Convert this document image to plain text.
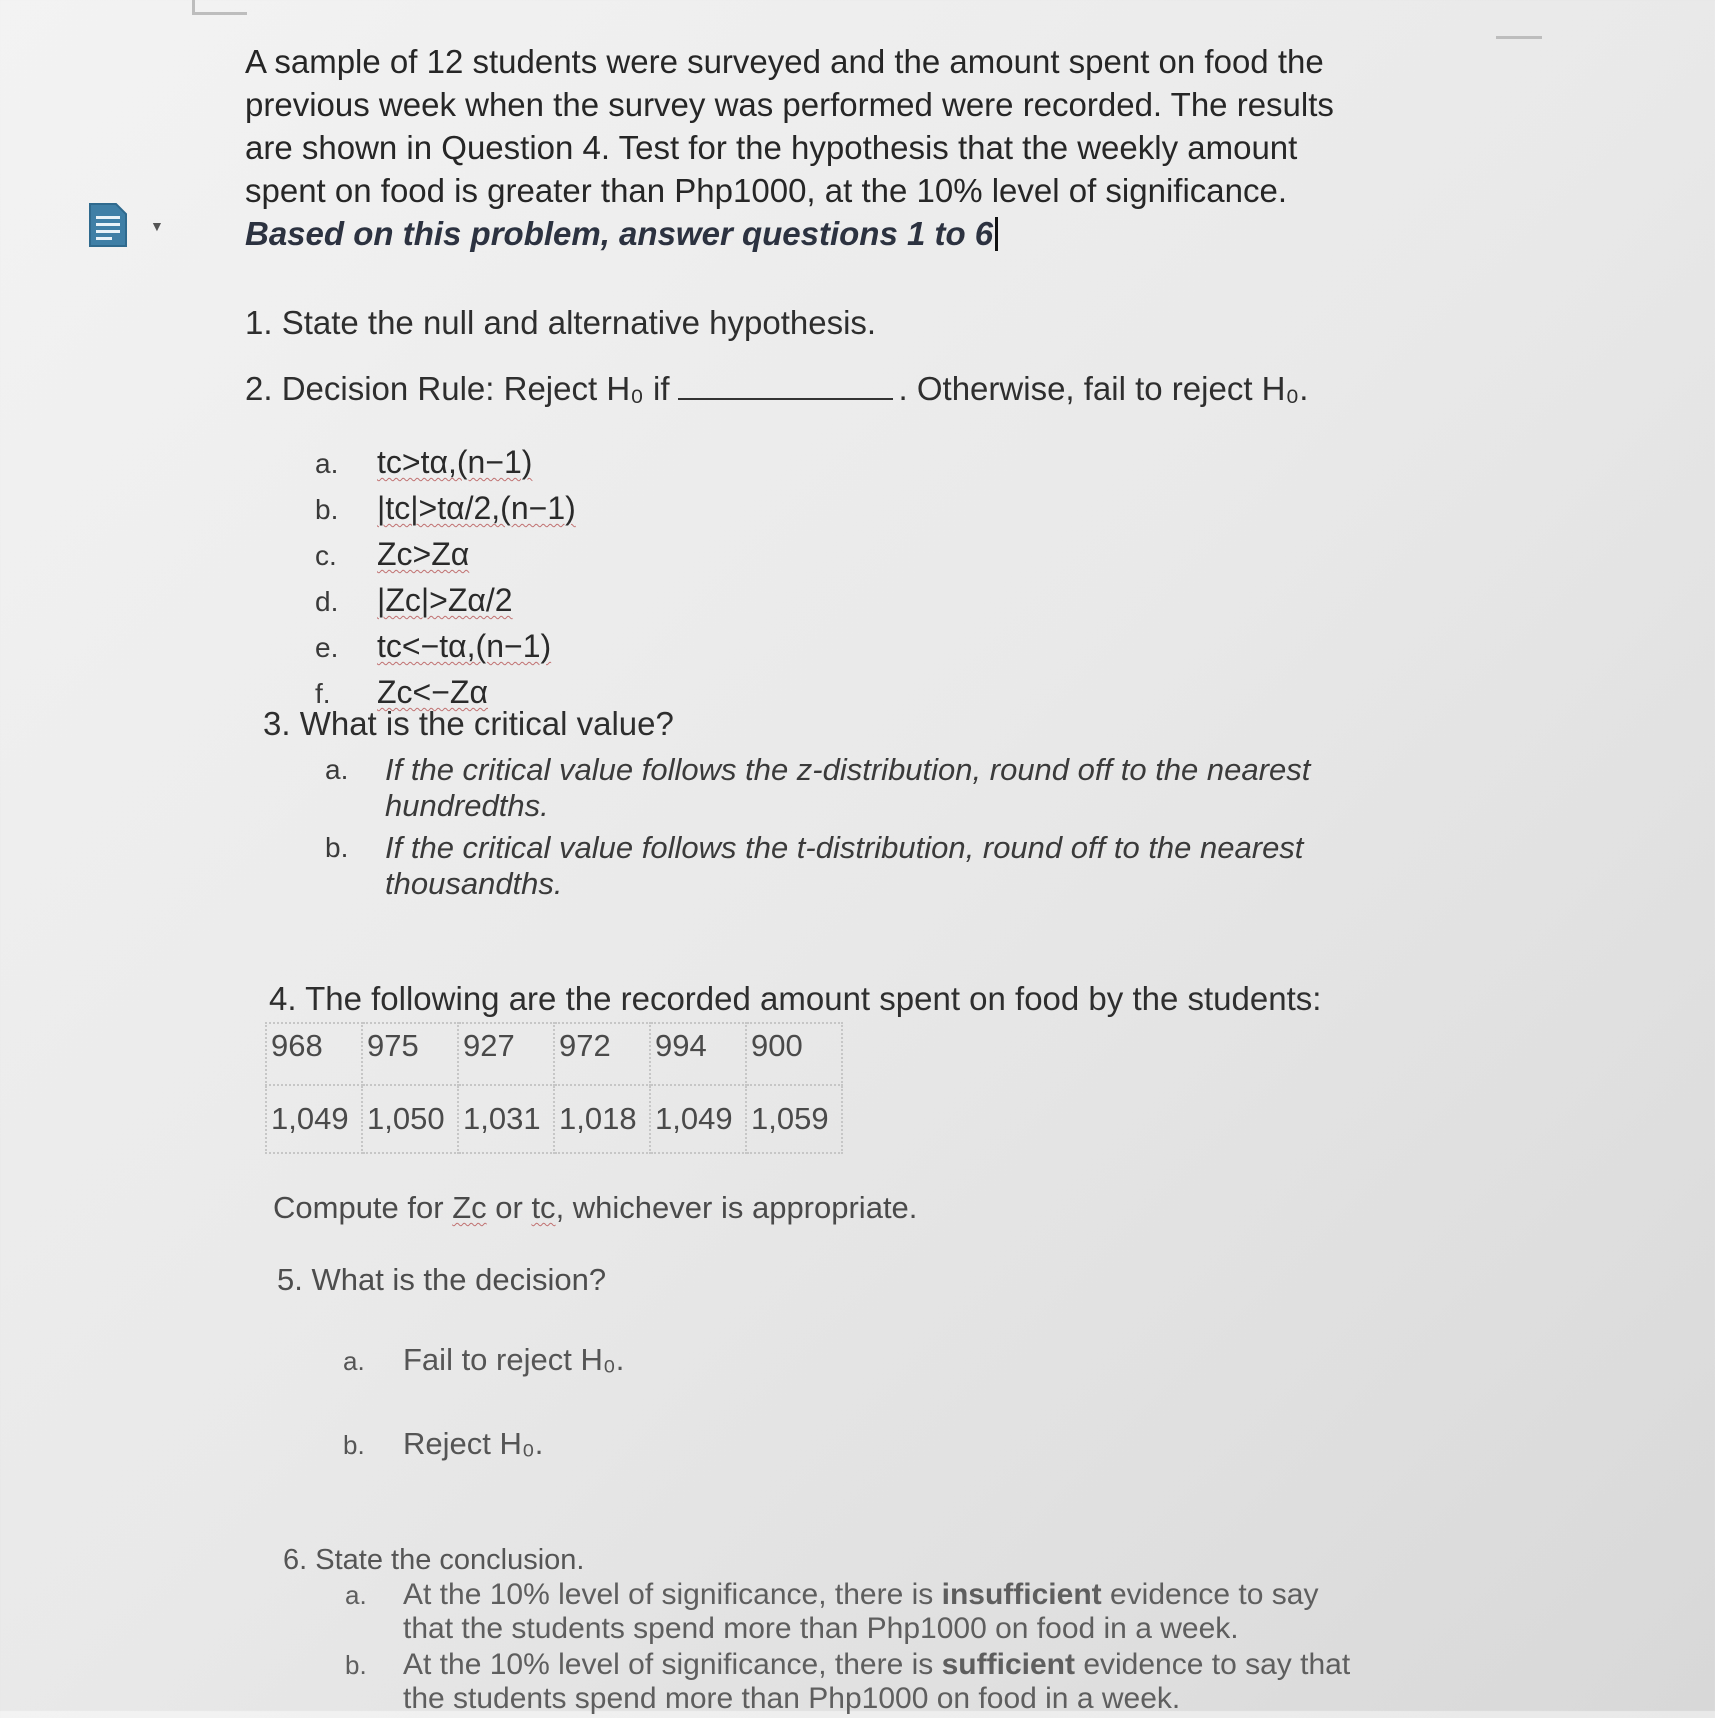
▼

A sample of 12 students were surveyed and the amount spent on food the

previous week when the survey was performed were recorded. The results

are shown in Question 4. Test for the hypothesis that the weekly amount

spent on food is greater than Php1000, at the 10% level of significance.

Based on this problem, answer questions 1 to 6

1. State the null and alternative hypothesis.
2. Decision Rule: Reject H₀ if	. Otherwise, fail to reject H₀.
a. tc>tα,(n−1)
b. |tc|>tα/2,(n−1)
c. Zc>Zα
d. |Zc|>Zα/2
e. tc<−tα,(n−1)
f. Zc<−Zα
3. What is the critical value?
a. If the critical value follows the z-distribution, round off to the nearest hundredths.
b. If the critical value follows the t-distribution, round off to the nearest thousandths.
4. The following are the recorded amount spent on food by the students:
968	975	927	972	994	900
1,049	1,050	1,031	1,018	1,049	1,059
Compute for Zc or tc, whichever is appropriate.
5. What is the decision?
a. Fail to reject H₀.
b. Reject H₀.
6. State the conclusion.
a. At the 10% level of significance, there is insufficient evidence to say that the students spend more than Php1000 on food in a week.
b. At the 10% level of significance, there is sufficient evidence to say that the students spend more than Php1000 on food in a week.
